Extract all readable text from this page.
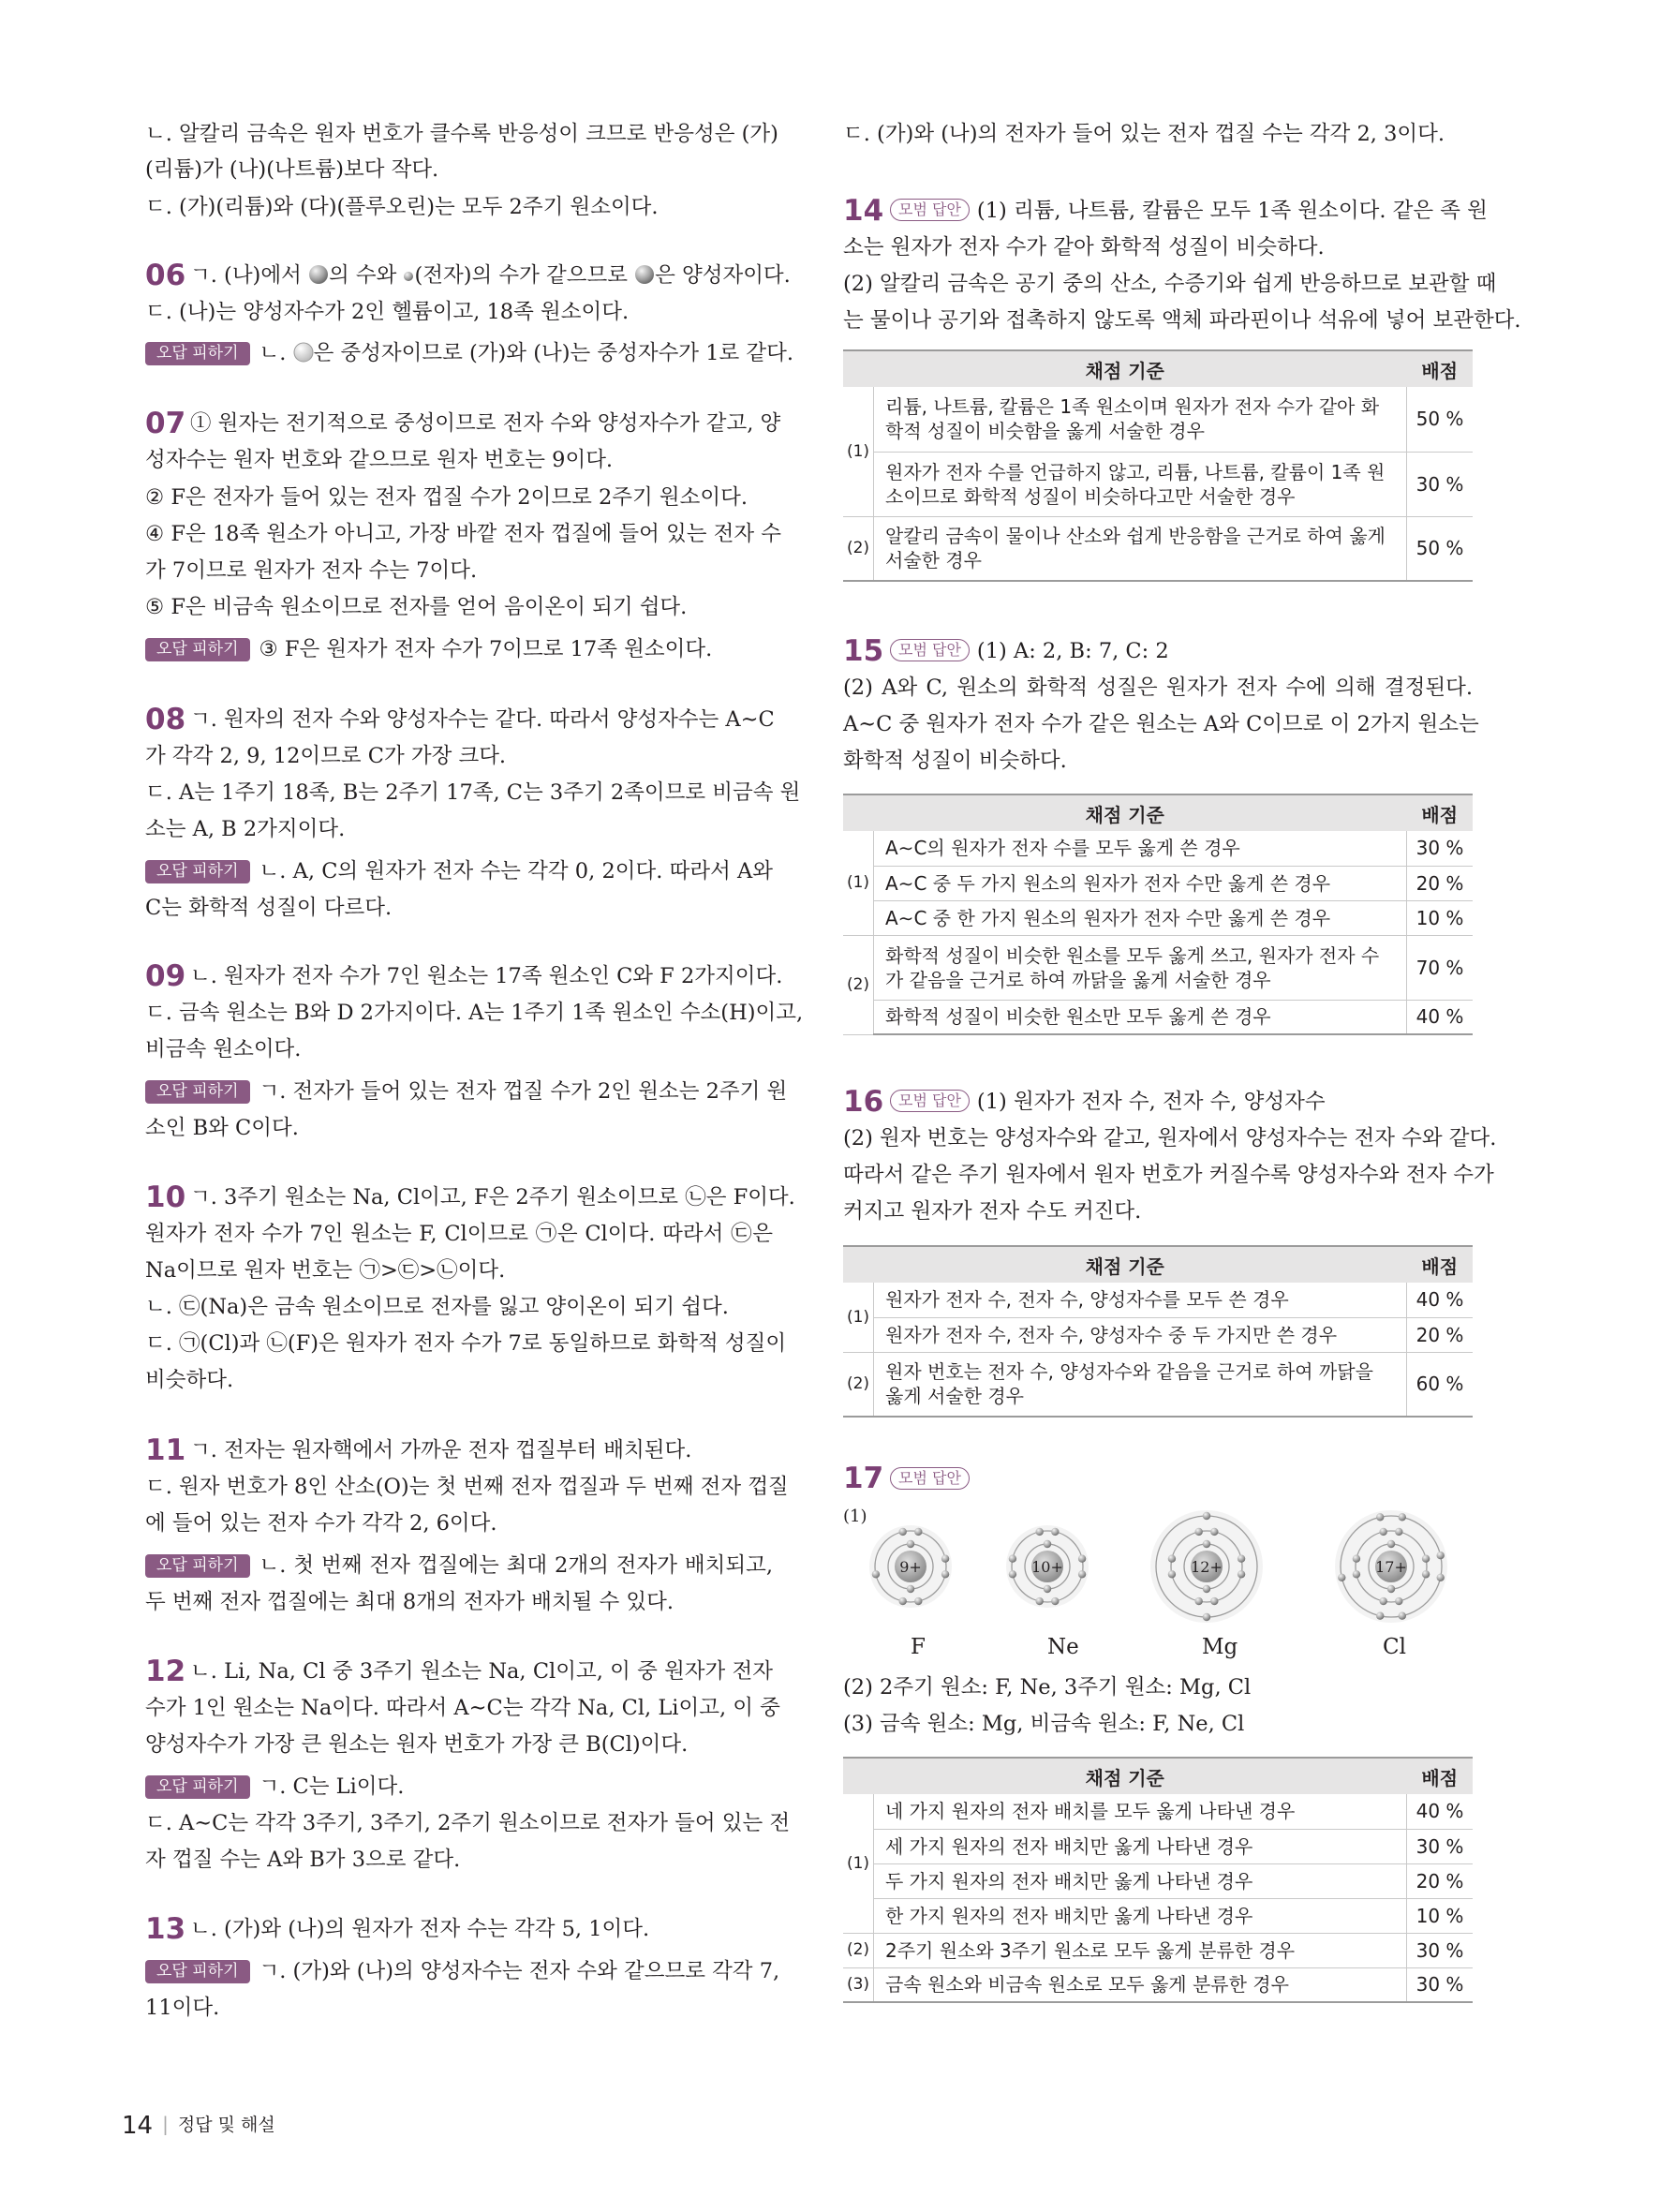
ㄴ. 알칼리 금속은 원자 번호가 클수록 반응성이 크므로 반응성은 (가)
(리튬)가 (나)(나트륨)보다 작다.
ㄷ. (가)(리튬)와 (다)(플루오린)는 모두 2주기 원소이다.
06 ㄱ. (나)에서 의 수와 (전자)의 수가 같으므로 은 양성자이다.
ㄷ. (나)는 양성자수가 2인 헬륨이고, 18족 원소이다.
오답 피하기 ㄴ. 은 중성자이므로 (가)와 (나)는 중성자수가 1로 같다.
07 ① 원자는 전기적으로 중성이므로 전자 수와 양성자수가 같고, 양
성자수는 원자 번호와 같으므로 원자 번호는 9이다.
② F은 전자가 들어 있는 전자 껍질 수가 2이므로 2주기 원소이다.
④ F은 18족 원소가 아니고, 가장 바깥 전자 껍질에 들어 있는 전자 수
가 7이므로 원자가 전자 수는 7이다.
⑤ F은 비금속 원소이므로 전자를 얻어 음이온이 되기 쉽다.
오답 피하기 ③ F은 원자가 전자 수가 7이므로 17족 원소이다.
08 ㄱ. 원자의 전자 수와 양성자수는 같다. 따라서 양성자수는 A∼C
가 각각 2, 9, 12이므로 C가 가장 크다.
ㄷ. A는 1주기 18족, B는 2주기 17족, C는 3주기 2족이므로 비금속 원
소는 A, B 2가지이다.
오답 피하기 ㄴ. A, C의 원자가 전자 수는 각각 0, 2이다. 따라서 A와
C는 화학적 성질이 다르다.
09 ㄴ. 원자가 전자 수가 7인 원소는 17족 원소인 C와 F 2가지이다.
ㄷ. 금속 원소는 B와 D 2가지이다. A는 1주기 1족 원소인 수소(H)이고,
비금속 원소이다.
오답 피하기 ㄱ. 전자가 들어 있는 전자 껍질 수가 2인 원소는 2주기 원
소인 B와 C이다.
10 ㄱ. 3주기 원소는 Na, Cl이고, F은 2주기 원소이므로 ㉡은 F이다.
원자가 전자 수가 7인 원소는 F, Cl이므로 ㉠은 Cl이다. 따라서 ㉢은
Na이므로 원자 번호는 ㉠>㉢>㉡이다.
ㄴ. ㉢(Na)은 금속 원소이므로 전자를 잃고 양이온이 되기 쉽다.
ㄷ. ㉠(Cl)과 ㉡(F)은 원자가 전자 수가 7로 동일하므로 화학적 성질이
비슷하다.
11 ㄱ. 전자는 원자핵에서 가까운 전자 껍질부터 배치된다.
ㄷ. 원자 번호가 8인 산소(O)는 첫 번째 전자 껍질과 두 번째 전자 껍질
에 들어 있는 전자 수가 각각 2, 6이다.
오답 피하기 ㄴ. 첫 번째 전자 껍질에는 최대 2개의 전자가 배치되고,
두 번째 전자 껍질에는 최대 8개의 전자가 배치될 수 있다.
12 ㄴ. Li, Na, Cl 중 3주기 원소는 Na, Cl이고, 이 중 원자가 전자
수가 1인 원소는 Na이다. 따라서 A∼C는 각각 Na, Cl, Li이고, 이 중
양성자수가 가장 큰 원소는 원자 번호가 가장 큰 B(Cl)이다.
오답 피하기 ㄱ. C는 Li이다.
ㄷ. A∼C는 각각 3주기, 3주기, 2주기 원소이므로 전자가 들어 있는 전
자 껍질 수는 A와 B가 3으로 같다.
13 ㄴ. (가)와 (나)의 원자가 전자 수는 각각 5, 1이다.
오답 피하기 ㄱ. (가)와 (나)의 양성자수는 전자 수와 같으므로 각각 7,
11이다.
ㄷ. (가)와 (나)의 전자가 들어 있는 전자 껍질 수는 각각 2, 3이다.
14 모범 답안 (1) 리튬, 나트륨, 칼륨은 모두 1족 원소이다. 같은 족 원
소는 원자가 전자 수가 같아 화학적 성질이 비슷하다.
(2) 알칼리 금속은 공기 중의 산소, 수증기와 쉽게 반응하므로 보관할 때
는 물이나 공기와 접촉하지 않도록 액체 파라핀이나 석유에 넣어 보관한다.
채점 기준		배점
(1)	리튬, 나트륨, 칼륨은 1족 원소이며 원자가 전자 수가 같아 화학적 성질이 비슷함을 옳게 서술한 경우	50 %
	원자가 전자 수를 언급하지 않고, 리튬, 나트륨, 칼륨이 1족 원소이므로 화학적 성질이 비슷하다고만 서술한 경우	30 %
(2)	알칼리 금속이 물이나 산소와 쉽게 반응함을 근거로 하여 옳게 서술한 경우	50 %
15 모범 답안 (1) A: 2, B: 7, C: 2
(2) A와 C, 원소의 화학적 성질은 원자가 전자 수에 의해 결정된다.
A∼C 중 원자가 전자 수가 같은 원소는 A와 C이므로 이 2가지 원소는
화학적 성질이 비슷하다.
채점 기준		배점
(1)	A∼C의 원자가 전자 수를 모두 옳게 쓴 경우	30 %
	A∼C 중 두 가지 원소의 원자가 전자 수만 옳게 쓴 경우	20 %
	A∼C 중 한 가지 원소의 원자가 전자 수만 옳게 쓴 경우	10 %
(2)	화학적 성질이 비슷한 원소를 모두 옳게 쓰고, 원자가 전자 수가 같음을 근거로 하여 까닭을 옳게 서술한 경우	70 %
	화학적 성질이 비슷한 원소만 모두 옳게 쓴 경우	40 %
16 모범 답안 (1) 원자가 전자 수, 전자 수, 양성자수
(2) 원자 번호는 양성자수와 같고, 원자에서 양성자수는 전자 수와 같다.
따라서 같은 주기 원자에서 원자 번호가 커질수록 양성자수와 전자 수가
커지고 원자가 전자 수도 커진다.
채점 기준		배점
(1)	원자가 전자 수, 전자 수, 양성자수를 모두 쓴 경우	40 %
	원자가 전자 수, 전자 수, 양성자수 중 두 가지만 쓴 경우	20 %
(2)	원자 번호는 전자 수, 양성자수와 같음을 근거로 하여 까닭을 옳게 서술한 경우	60 %
17 모범 답안
(1)
9+	10+	12+	17+
F	Ne	Mg	Cl
(2) 2주기 원소: F, Ne, 3주기 원소: Mg, Cl
(3) 금속 원소: Mg, 비금속 원소: F, Ne, Cl
채점 기준		배점
(1)	네 가지 원자의 전자 배치를 모두 옳게 나타낸 경우	40 %
	세 가지 원자의 전자 배치만 옳게 나타낸 경우	30 %
	두 가지 원자의 전자 배치만 옳게 나타낸 경우	20 %
	한 가지 원자의 전자 배치만 옳게 나타낸 경우	10 %
(2)	2주기 원소와 3주기 원소로 모두 옳게 분류한 경우	30 %
(3)	금속 원소와 비금속 원소로 모두 옳게 분류한 경우	30 %
14 | 정답 및 해설
